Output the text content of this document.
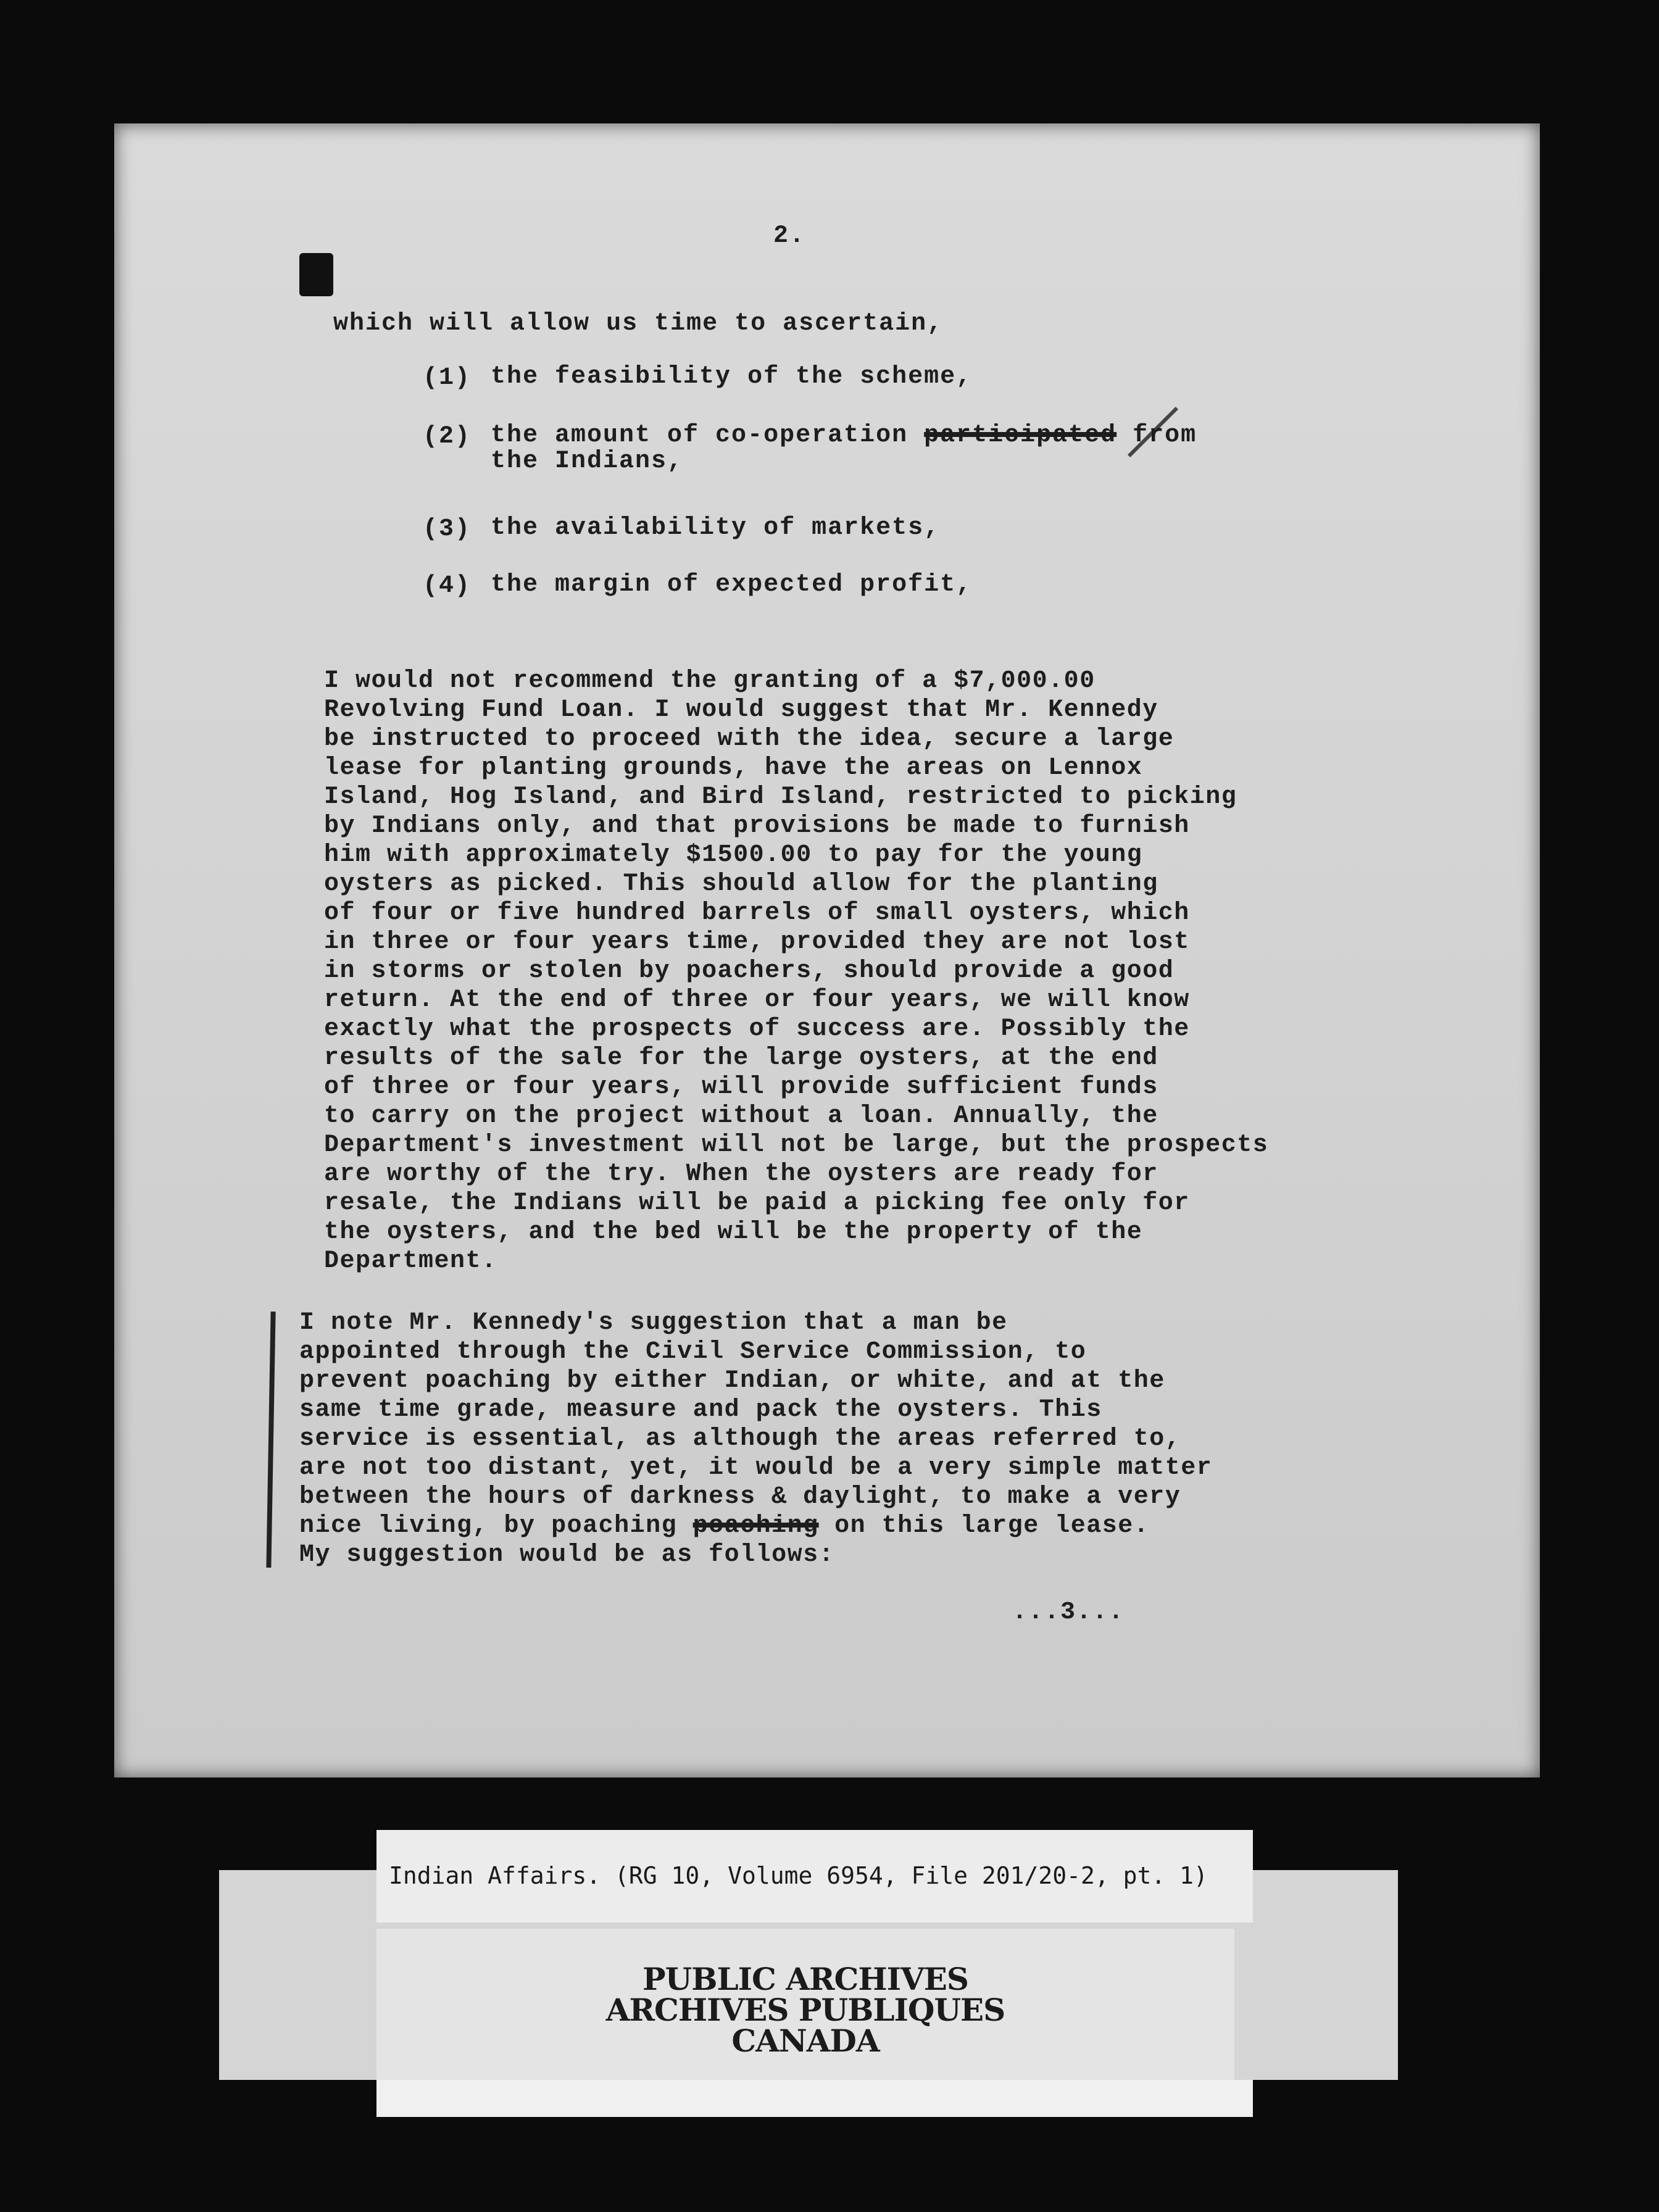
2.
which will allow us time to ascertain,
(1) the feasibility of the scheme,
(2) the amount of co-operation participated from
the Indians,
(3) the availability of markets,
(4) the margin of expected profit,
I would not recommend the granting of a $7,000.00
Revolving Fund Loan. I would suggest that Mr. Kennedy
be instructed to proceed with the idea, secure a large
lease for planting grounds, have the areas on Lennox
Island, Hog Island, and Bird Island, restricted to picking
by Indians only, and that provisions be made to furnish
him with approximately $1500.00 to pay for the young
oysters as picked. This should allow for the planting
of four or five hundred barrels of small oysters, which
in three or four years time, provided they are not lost
in storms or stolen by poachers, should provide a good
return. At the end of three or four years, we will know
exactly what the prospects of success are. Possibly the
results of the sale for the large oysters, at the end
of three or four years, will provide sufficient funds
to carry on the project without a loan. Annually, the
Department's investment will not be large, but the prospects
are worthy of the try. When the oysters are ready for
resale, the Indians will be paid a picking fee only for
the oysters, and the bed will be the property of the
Department.
I note Mr. Kennedy's suggestion that a man be
appointed through the Civil Service Commission, to
prevent poaching by either Indian, or white, and at the
same time grade, measure and pack the oysters. This
service is essential, as although the areas referred to,
are not too distant, yet, it would be a very simple matter
between the hours of darkness & daylight, to make a very
nice living, by poaching poaching on this large lease.
My suggestion would be as follows:
...3...
PUBLIC ARCHIVES
ARCHIVES PUBLIQUES
CANADA
Indian Affairs. (RG 10, Volume 6954, File 201/20-2, pt. 1)
